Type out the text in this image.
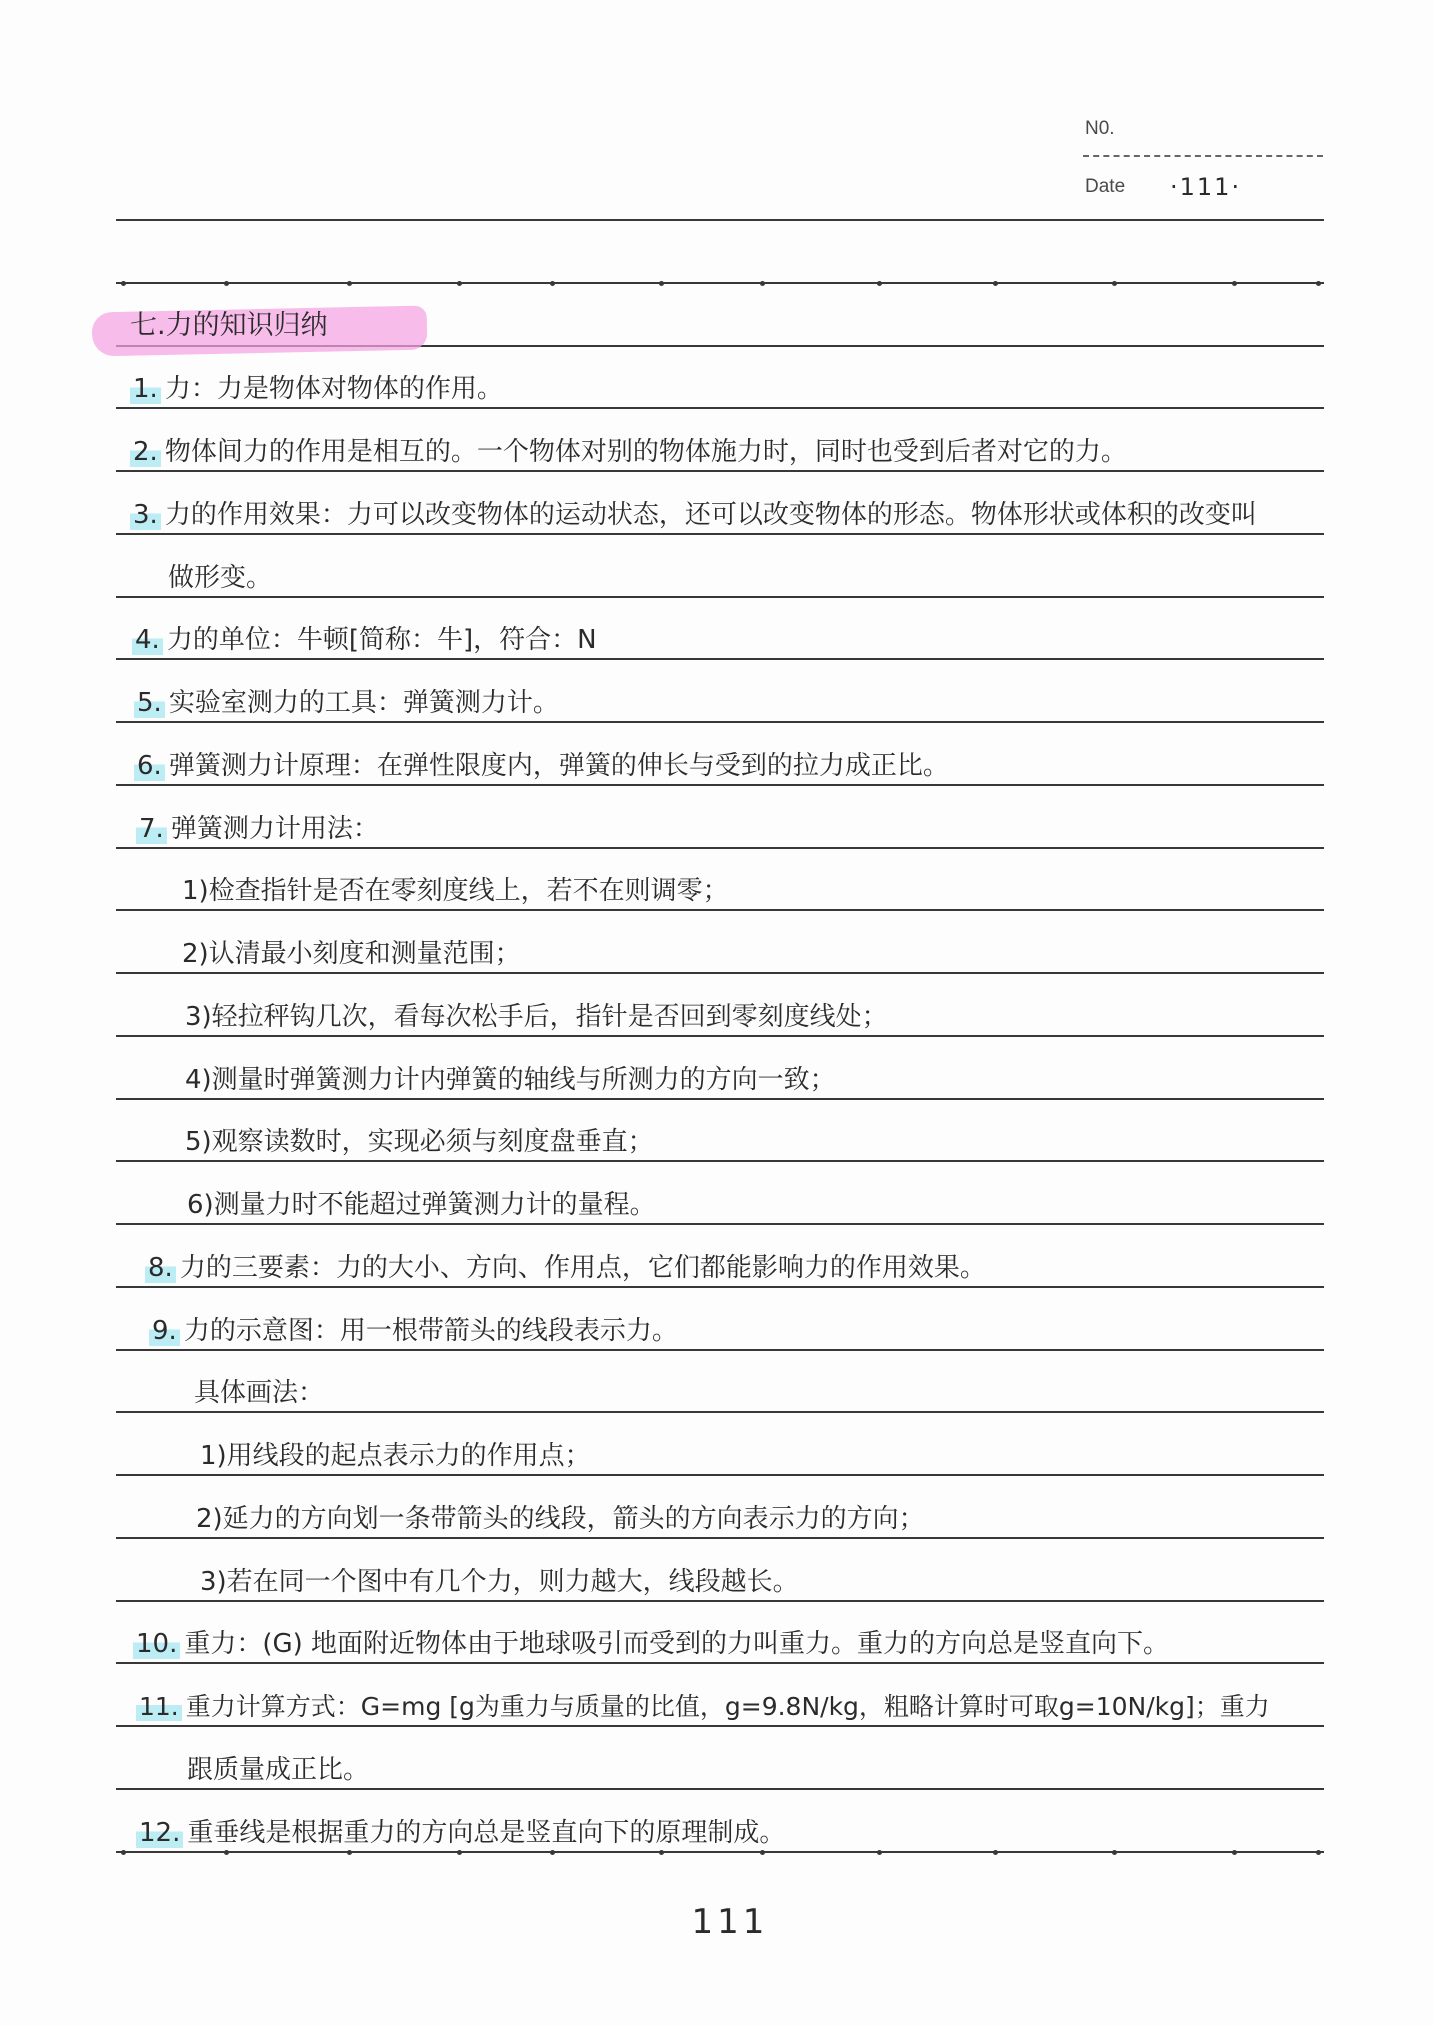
N0.
Date ·111·
七.力的知识归纳
1. 力：力是物体对物体的作用。
2. 物体间力的作用是相互的。一个物体对别的物体施力时，同时也受到后者对它的力。
3. 力的作用效果：力可以改变物体的运动状态，还可以改变物体的形态。物体形状或体积的改变叫
做形变。
4. 力的单位：牛顿[简称：牛]，符合：N
5. 实验室测力的工具：弹簧测力计。
6. 弹簧测力计原理：在弹性限度内，弹簧的伸长与受到的拉力成正比。
7. 弹簧测力计用法：
1)检查指针是否在零刻度线上，若不在则调零；
2)认清最小刻度和测量范围；
3)轻拉秤钩几次，看每次松手后，指针是否回到零刻度线处；
4)测量时弹簧测力计内弹簧的轴线与所测力的方向一致；
5)观察读数时，实现必须与刻度盘垂直；
6)测量力时不能超过弹簧测力计的量程。
8. 力的三要素：力的大小、方向、作用点，它们都能影响力的作用效果。
9. 力的示意图：用一根带箭头的线段表示力。
具体画法：
1)用线段的起点表示力的作用点；
2)延力的方向划一条带箭头的线段，箭头的方向表示力的方向；
3)若在同一个图中有几个力，则力越大，线段越长。
10. 重力：(G) 地面附近物体由于地球吸引而受到的力叫重力。重力的方向总是竖直向下。
11. 重力计算方式：G=mg [g为重力与质量的比值，g=9.8N/kg，粗略计算时可取g=10N/kg]；重力
跟质量成正比。
12. 重垂线是根据重力的方向总是竖直向下的原理制成。
111
